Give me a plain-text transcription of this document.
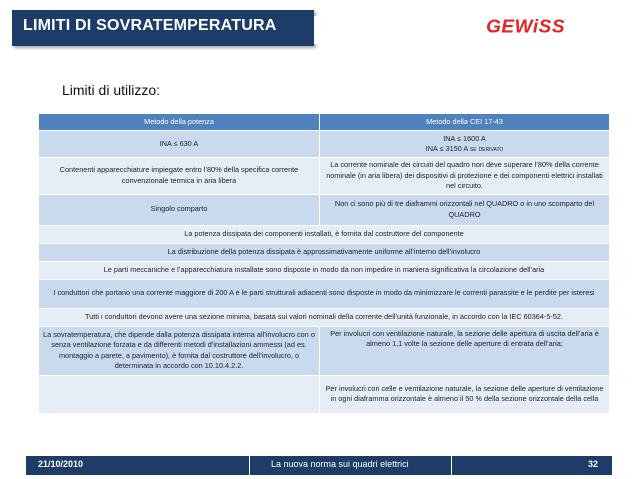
LIMITI DI SOVRATEMPERATURA	GEWiSS
Limiti di utilizzo:
Metodo della potenza	Metodo della CEI 17-43
INA ≤ 630 A	INA ≤ 1600 A
INA ≤ 3150 A se derivato
Contenenti apparecchiature impiegate entro l’80% della specifica corrente convenzionale termica in aria libera	La corrente nominale dei circuiti del quadro non deve superare l’80% della corrente nominale (in aria libera) dei dispositivi di protezione e dei componenti elettrici installati nel circuito.
Singolo comparto	Non ci sono più di tre diaframmi orizzontali nel QUADRO o in uno scomparto del QUADRO
La potenza dissipata dei componenti installati, è fornita dal costruttore del componente	
La distribuzione della potenza dissipata è approssimativamente uniforme all’interno dell’involucro	
Le parti meccaniche e l’apparecchiatura installate sono disposte in modo da non impedire in maniera significativa la circolazione dell’aria	
I conduttori che portano una corrente maggiore di 200 A e le parti strutturali adiacenti sono disposte in modo da minimizzare le correnti parassite e le perdite per isteresi	
Tutti i conduttori devono avere una sezione minima, basata sui valori nominali della corrente dell’unità funzionale, in accordo con la IEC 60364-5-52.	
La sovratemperatura, che dipende dalla potenza dissipata interna all’involucro con o senza ventilazione forzata e da differenti metodi d’installazioni ammessi (ad es. montaggio a parete, a pavimento), è fornita dal costruttore dell’involucro, o determinata in accordo con 10.10.4.2.2.	Per involucri con ventilazione naturale, la sezione delle apertura di uscita dell’aria è almeno 1,1 volte la sezione delle aperture di entrata dell’aria;
	Per involucri con celle e ventilazione naturale, la sezione delle aperture di ventilazione in ogni diaframma orizzontale è almeno il 50 % della sezione orizzontale della cella
21/10/2010	La nuova norma sui quadri elettrici	32
